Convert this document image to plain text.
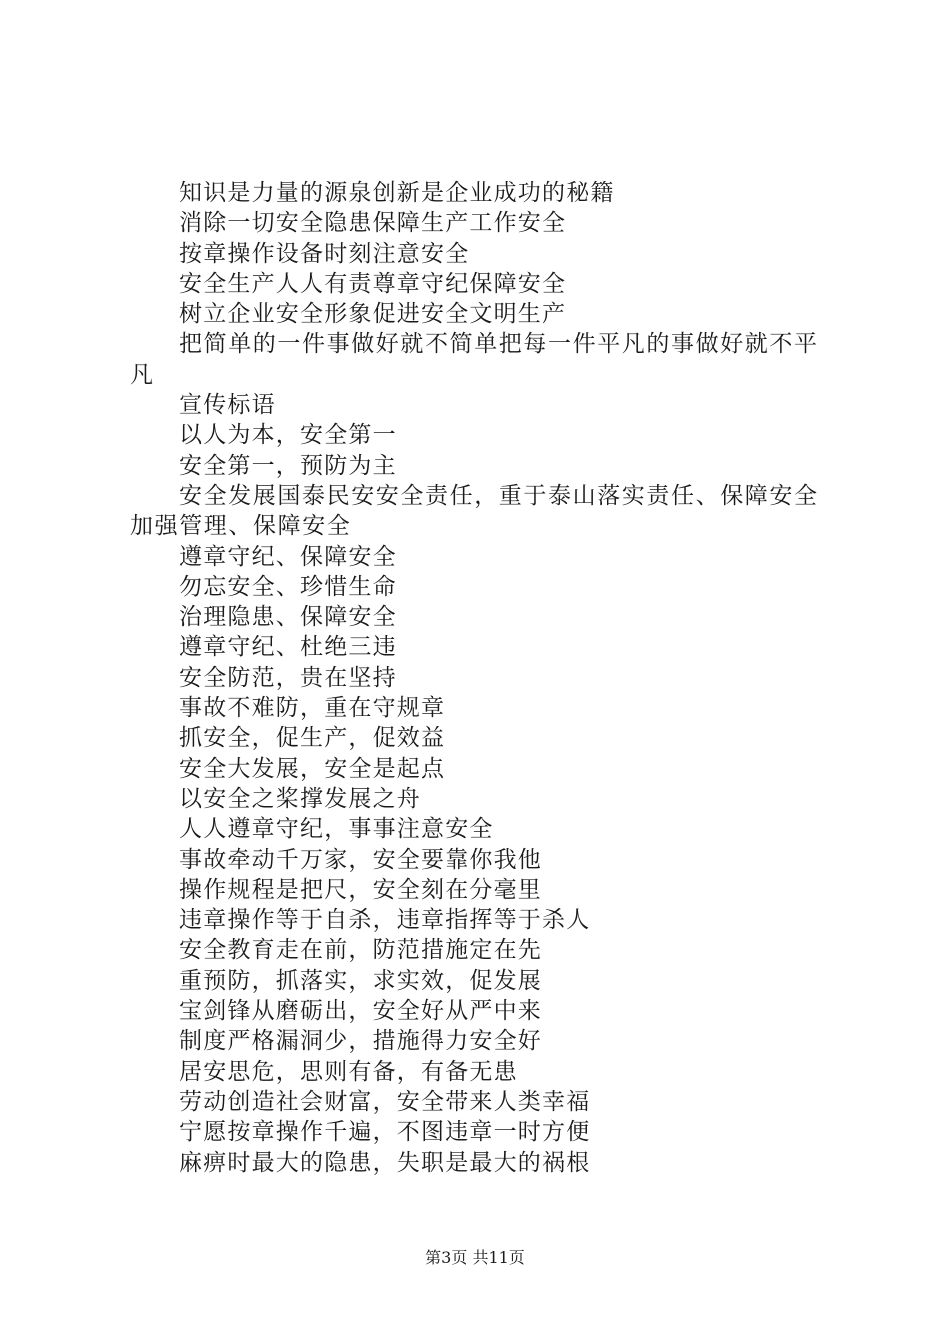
知识是力量的源泉创新是企业成功的秘籍

消除一切安全隐患保障生产工作安全

按章操作设备时刻注意安全

安全生产人人有责尊章守纪保障安全

树立企业安全形象促进安全文明生产

把简单的一件事做好就不简单把每一件平凡的事做好就不平凡

宣传标语

以人为本，安全第一

安全第一，预防为主

安全发展国泰民安安全责任，重于泰山落实责任、保障安全加强管理、保障安全

遵章守纪、保障安全

勿忘安全、珍惜生命

治理隐患、保障安全

遵章守纪、杜绝三违

安全防范，贵在坚持

事故不难防，重在守规章

抓安全，促生产，促效益

安全大发展，安全是起点

以安全之桨撑发展之舟

人人遵章守纪，事事注意安全

事故牵动千万家，安全要靠你我他

操作规程是把尺，安全刻在分毫里

违章操作等于自杀，违章指挥等于杀人

安全教育走在前，防范措施定在先

重预防，抓落实，求实效，促发展

宝剑锋从磨砺出，安全好从严中来

制度严格漏洞少，措施得力安全好

居安思危，思则有备，有备无患

劳动创造社会财富，安全带来人类幸福

宁愿按章操作千遍，不图违章一时方便

麻痹时最大的隐患，失职是最大的祸根

第3页 共11页
